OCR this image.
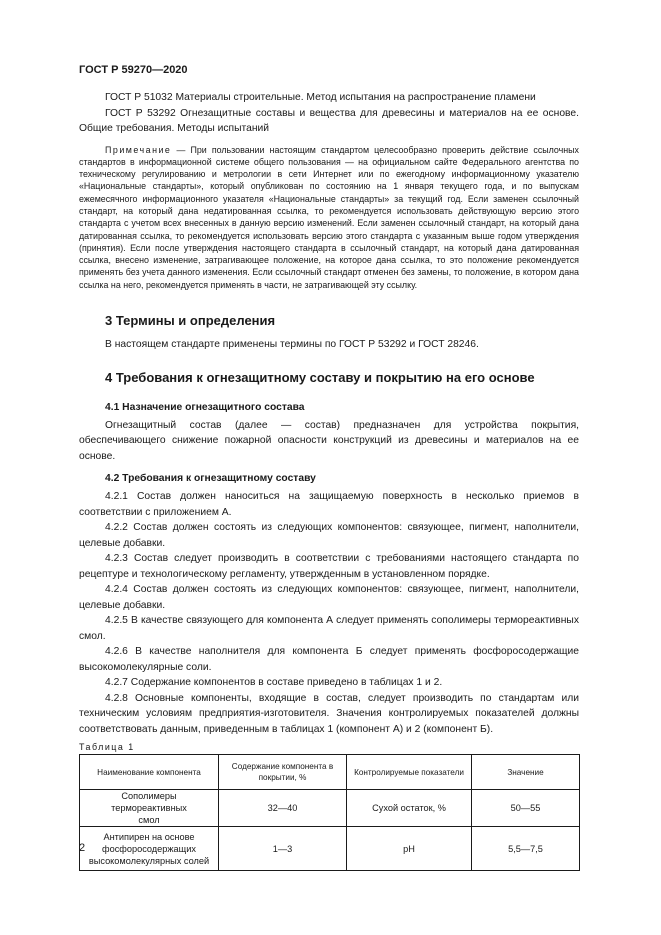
ГОСТ Р 59270—2020

ГОСТ Р 51032 Материалы строительные. Метод испытания на распространение пламени

ГОСТ Р 53292 Огнезащитные составы и вещества для древесины и материалов на ее основе. Общие требования. Методы испытаний

Примечание — При пользовании настоящим стандартом целесообразно проверить действие ссылочных стандартов в информационной системе общего пользования — на официальном сайте Федерального агентства по техническому регулированию и метрологии в сети Интернет или по ежегодному информационному указателю «Национальные стандарты», который опубликован по состоянию на 1 января текущего года, и по выпускам ежемесячного информационного указателя «Национальные стандарты» за текущий год. Если заменен ссылочный стандарт, на который дана недатированная ссылка, то рекомендуется использовать действующую версию этого стандарта с учетом всех внесенных в данную версию изменений. Если заменен ссылочный стандарт, на который дана датированная ссылка, то рекомендуется использовать версию этого стандарта с указанным выше годом утверждения (принятия). Если после утверждения настоящего стандарта в ссылочный стандарт, на который дана датированная ссылка, внесено изменение, затрагивающее положение, на которое дана ссылка, то это положение рекомендуется применять без учета данного изменения. Если ссылочный стандарт отменен без замены, то положение, в котором дана ссылка на него, рекомендуется применять в части, не затрагивающей эту ссылку.

3 Термины и определения

В настоящем стандарте применены термины по ГОСТ Р 53292 и ГОСТ 28246.

4 Требования к огнезащитному составу и покрытию на его основе
4.1 Назначение огнезащитного состава

Огнезащитный состав (далее — состав) предназначен для устройства покрытия, обеспечивающего снижение пожарной опасности конструкций из древесины и материалов на ее основе.

4.2 Требования к огнезащитному составу

4.2.1 Состав должен наноситься на защищаемую поверхность в несколько приемов в соответствии с приложением А.

4.2.2 Состав должен состоять из следующих компонентов: связующее, пигмент, наполнители, целевые добавки.

4.2.3 Состав следует производить в соответствии с требованиями настоящего стандарта по рецептуре и технологическому регламенту, утвержденным в установленном порядке.

4.2.4 Состав должен состоять из следующих компонентов: связующее, пигмент, наполнители, целевые добавки.

4.2.5 В качестве связующего для компонента А следует применять сополимеры термореактивных смол.

4.2.6 В качестве наполнителя для компонента Б следует применять фосфоросодержащие высокомолекулярные соли.

4.2.7 Содержание компонентов в составе приведено в таблицах 1 и 2.

4.2.8 Основные компоненты, входящие в состав, следует производить по стандартам или техническим условиям предприятия-изготовителя. Значения контролируемых показателей должны соответствовать данным, приведенным в таблицах 1 (компонент А) и 2 (компонент Б).

Таблица 1
Наименование компонента	Содержание компонента в покрытии, %	Контролируемые показатели	Значение
Сополимеры термореактивных смол	32—40	Сухой остаток, %	50—55
Антипирен на основе фосфоросодержащих высокомолекулярных солей	1—3	pH	5,5—7,5
2
